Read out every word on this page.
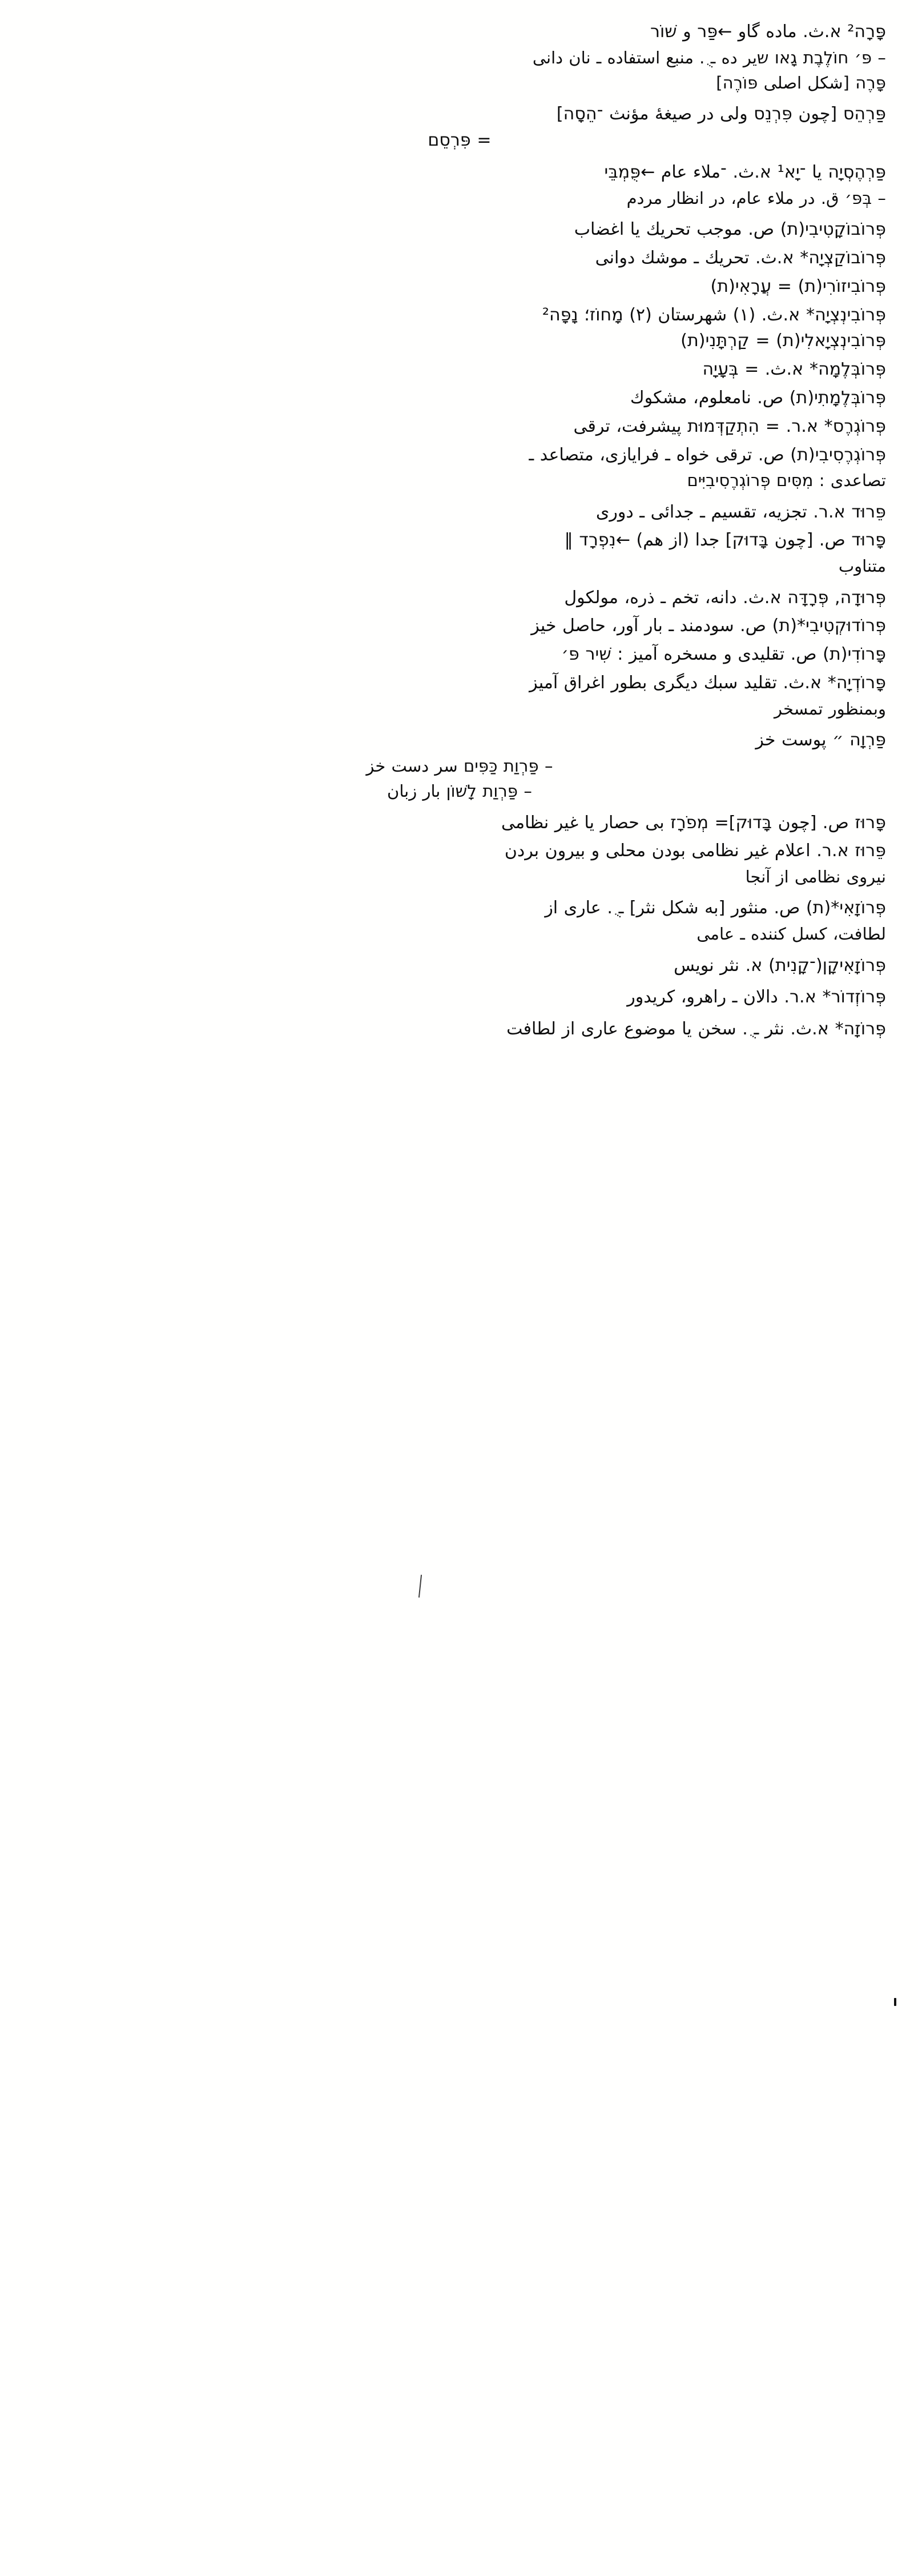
פָּרָה² א.ث. ماده گاو ←פַּר و שׁוֹר
– פּ׳ חוֹלֶבֶת גָאו שير ده ـ ֻ. منبع استفاده ـ نان دانى
פָּרֶה [شكل اصلى פּוֹרֶה]
פַּרְהֵס [چون פִּרְנֵס ولى در صيغهٔ مؤنث ־הֵסָה]
= פִּרְסֵם
פַּרְהֶסְיָה يا ־יָא¹ א.ث. ־ملاء عام ←פֻּמְבֵּי
– בְּפּ׳ ق. در ملاء عام، در انظار مردم
פְּרוֹבוֹקָטִיבִי(ת) ص. موجب تحريك يا اغضاب
פְּרוֹבוֹקַצְיָה* א.ث. تحريك ـ موشك دوانى
פְּרוֹבִיזוֹרִי(ת) = עֲרָאִי(ת)
פְּרוֹבִינְצְיָה* א.ث. (١) شهرستان (٢) מָחוֹז؛ נָפָּה²
פְּרוֹבִינְצְיָאלִי(ת) = קַרְתָּנִי(ת)
פְּרוֹבְּלֶמָה* א.ث. = בְּעָיָה
פְּרוֹבְּלֶמָתִי(ת) ص. نامعلوم، مشكوك
פְּרוֹגְרֶס* א.ר. = הִתְקַדְּמוּת پيشرفت، ترقى
פְּרוֹגְרֶסִיבִי(ת) ص. ترقى خواه ـ فرايازى، متصاعد ـ
تصاعدى : מִסִּים פְּרוֹגְרֶסִיבִיִּים
פֵּרוּד א.ר. تجزيه، تقسيم ـ جدائى ـ دورى
פָּרוּד ص. [چون בָּדוּק] جدا (از هم) ←נִפְרָד ‖
متناوب
פְּרוּדָה, פְּרָדָּה א.ث. دانه، تخم ـ ذره، مولكول
פְּרוֹדוּקְטִיבִי*(ת) ص. سودمند ـ بار آور، حاصل خيز
פָּרוֹדִי(ת) ص. تقليدى و مسخره آميز : שִׁיר פּ׳
פָּרוֹדְיָה* א.ث. تقليد سبك ديگرى بطور اغراق آميز
وبمنظور تمسخر
פַּרְוָה ״ پوست خز
– פַּרְוַת כַּפִּים سر دست خز
– פַּרְוַת לָשׁוֹן بار زبان
פָּרוּז ص. [چون בָּדוּק]= מְפֹרָז بى حصار يا غير نظامى
פֵּרוּז א.ר. اعلام غير نظامى بودن محلى و بيرون بردن
نيروى نظامى از آنجا
פְּרוֹזָאִי*(ת) ص. منثور [به شكل نثر] ـ ֻ. عارى از
لطافت، كسل كننده ـ عامى
פְּרוֹזָאִיקָן(־קָנִית) א. نثر نويس
פְּרוֹזְדוֹר* א.ר. دالان ـ راهرو، كريدور
פְּרוֹזָה* א.ث. نثر ـ ֻ. سخن يا موضوع عارى از لطافت
